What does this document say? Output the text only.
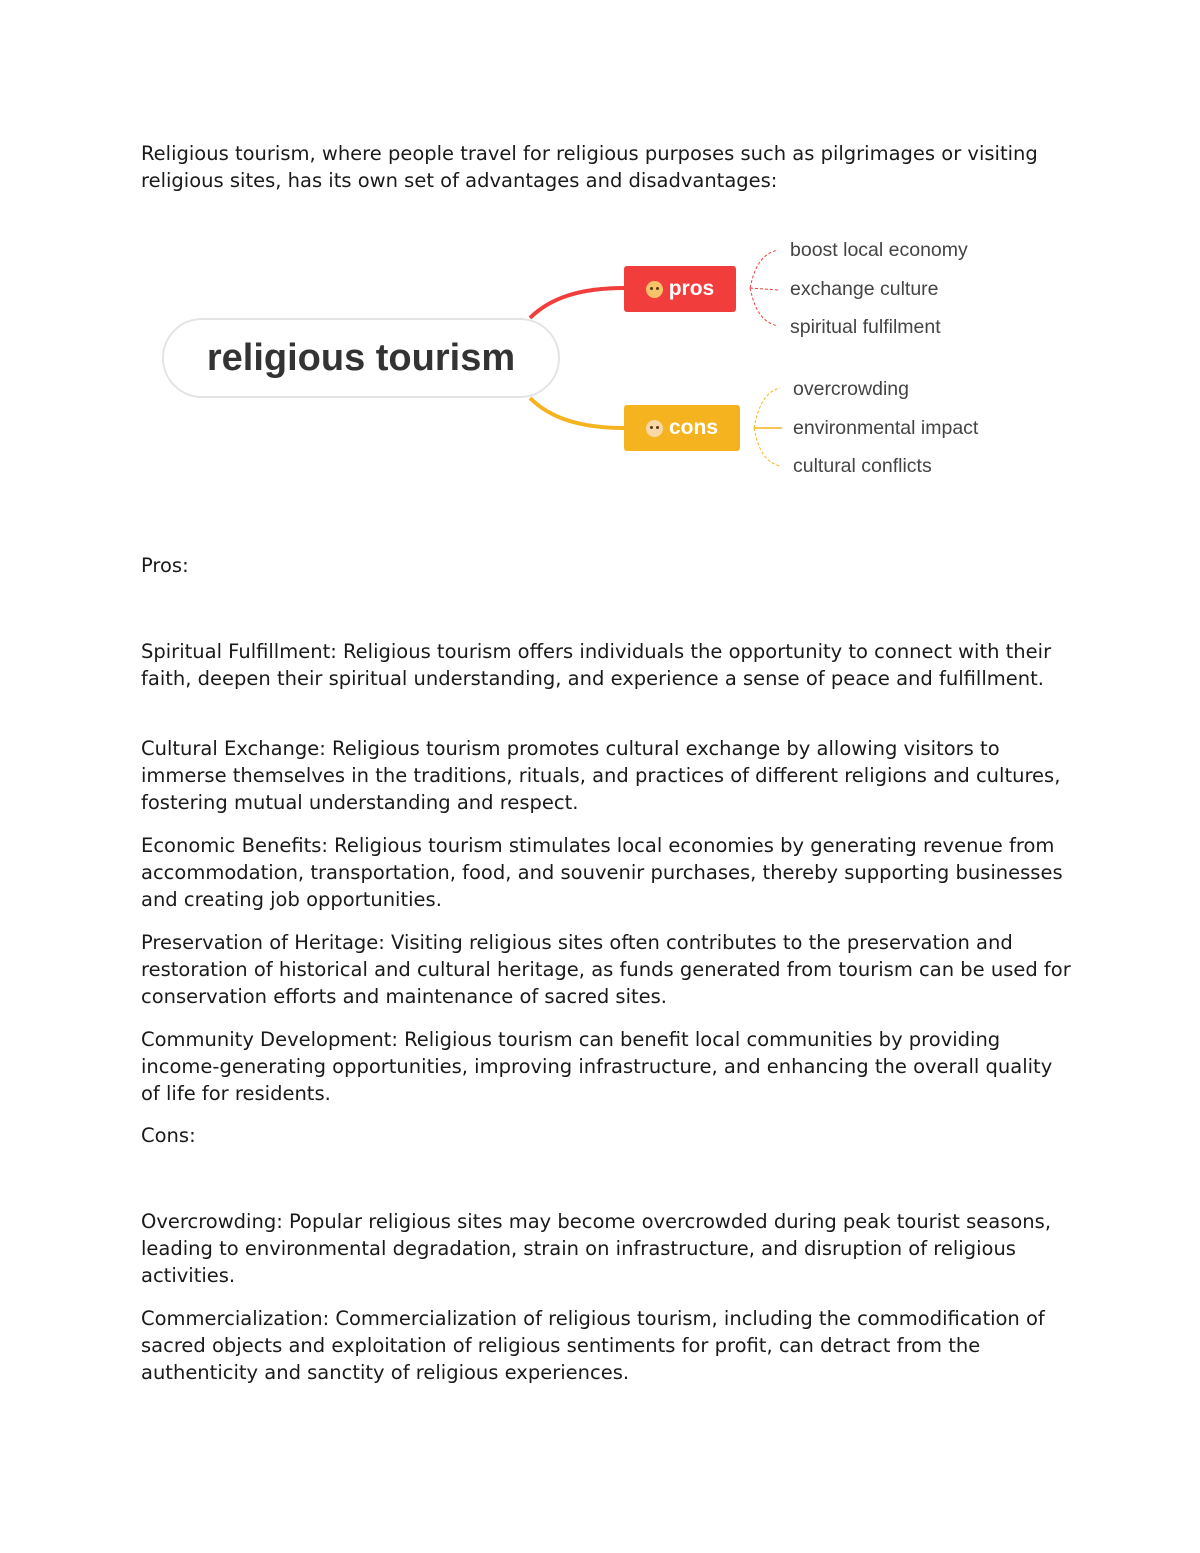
Religious tourism, where people travel for religious purposes such as pilgrimages or visiting religious sites, has its own set of advantages and disadvantages:

religious tourism
pros
cons
boost local economy
exchange culture
spiritual fulfilment
overcrowding
environmental impact
cultural conflicts

Pros:

Spiritual Fulfillment: Religious tourism offers individuals the opportunity to connect with their faith, deepen their spiritual understanding, and experience a sense of peace and fulfillment.

Cultural Exchange: Religious tourism promotes cultural exchange by allowing visitors to immerse themselves in the traditions, rituals, and practices of different religions and cultures, fostering mutual understanding and respect.

Economic Benefits: Religious tourism stimulates local economies by generating revenue from accommodation, transportation, food, and souvenir purchases, thereby supporting businesses and creating job opportunities.

Preservation of Heritage: Visiting religious sites often contributes to the preservation and restoration of historical and cultural heritage, as funds generated from tourism can be used for conservation efforts and maintenance of sacred sites.

Community Development: Religious tourism can benefit local communities by providing income-generating opportunities, improving infrastructure, and enhancing the overall quality of life for residents.

Cons:

Overcrowding: Popular religious sites may become overcrowded during peak tourist seasons, leading to environmental degradation, strain on infrastructure, and disruption of religious activities.

Commercialization: Commercialization of religious tourism, including the commodification of sacred objects and exploitation of religious sentiments for profit, can detract from the authenticity and sanctity of religious experiences.
